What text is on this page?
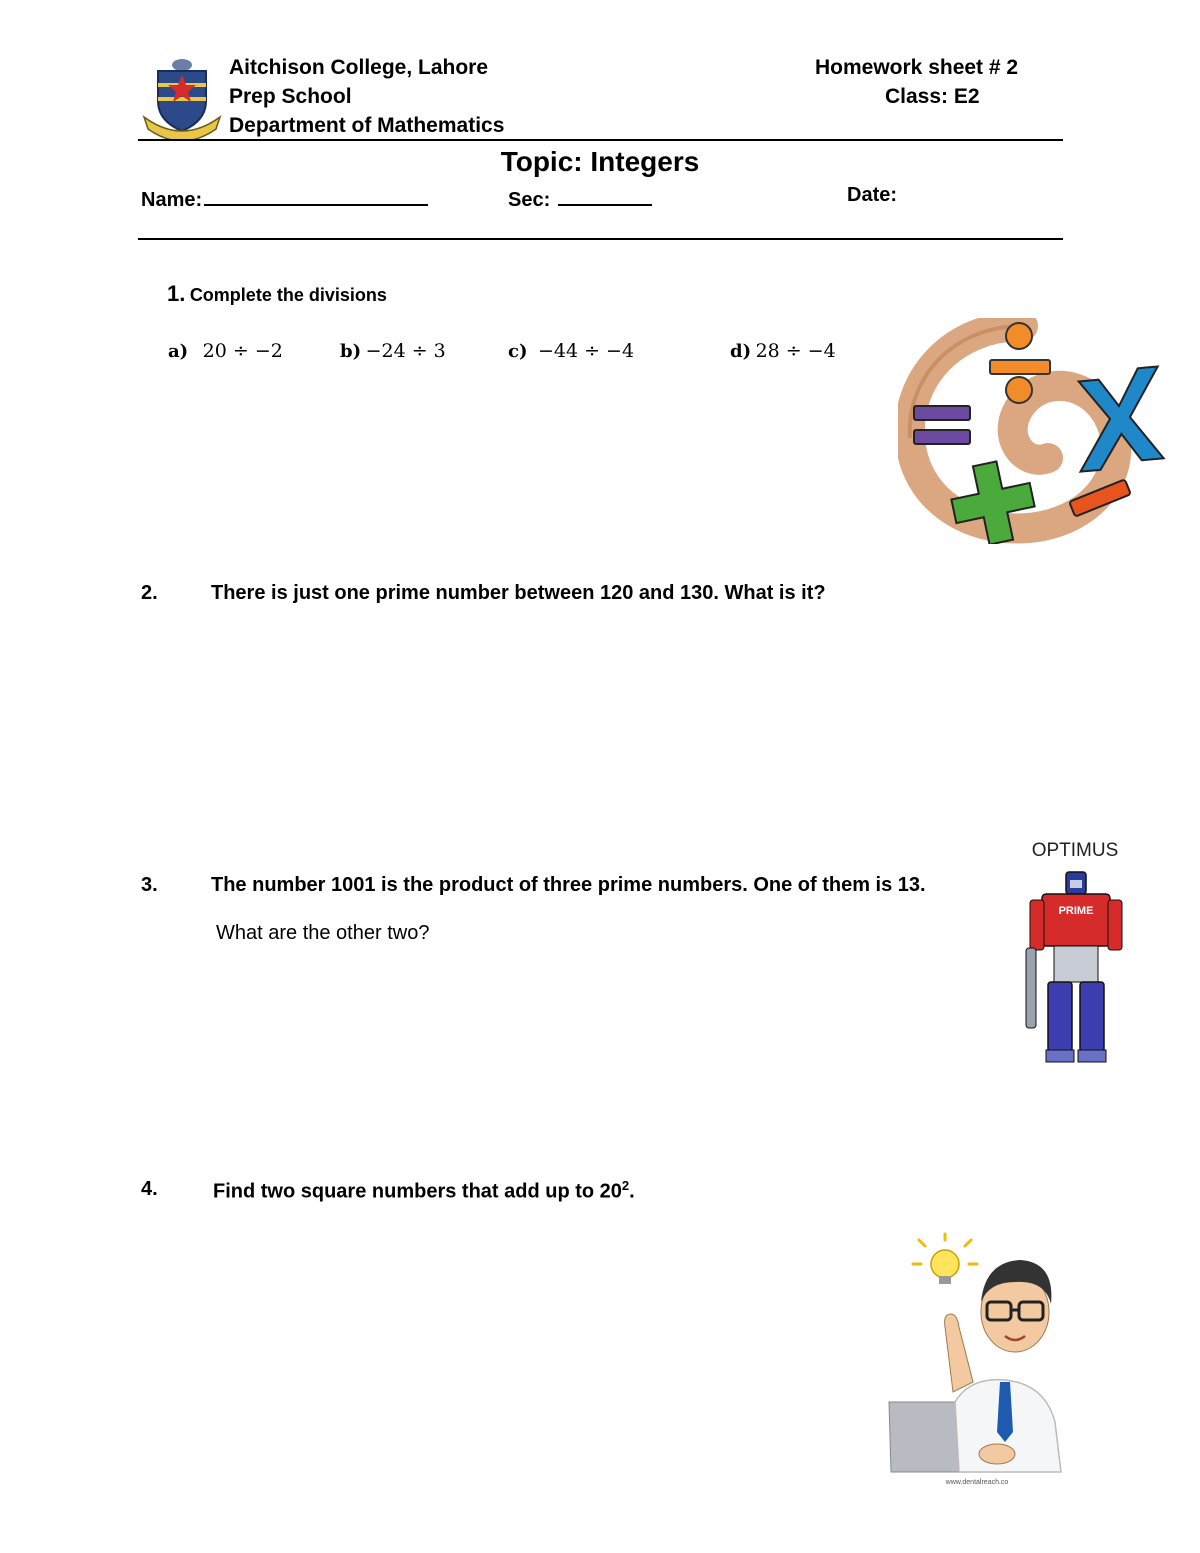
Aitchison College, Lahore
Prep School
Department of Mathematics
Homework sheet # 2
Class: E2
Topic: Integers
Name:	Sec:	Date:
1. Complete the divisions
a) 20 ÷ −2	b) −24 ÷ 3	c) −44 ÷ −4	d) 28 ÷ −4
2.	There is just one prime number between 120 and 130. What is it?
OPTIMUS
PRIME
3.	The number 1001 is the product of three prime numbers. One of them is 13.
What are the other two?
4.	Find two square numbers that add up to $20^2$.
www.dentalreach.co
